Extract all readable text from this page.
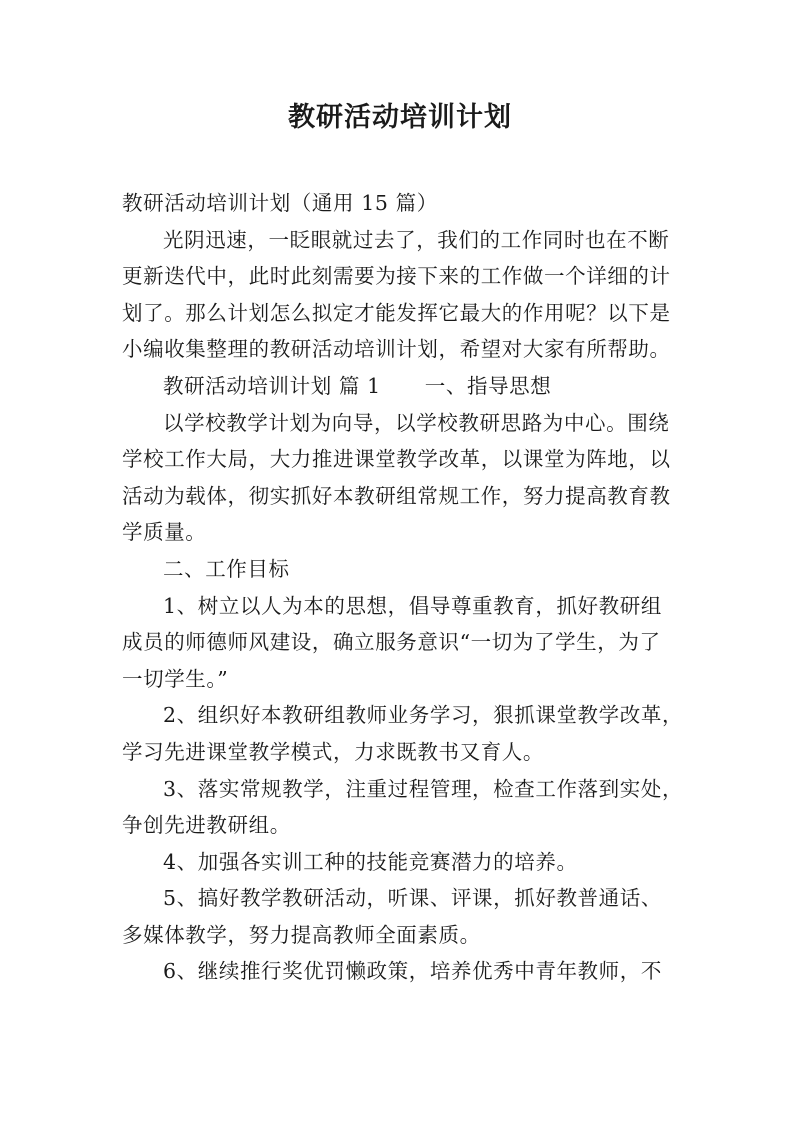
教研活动培训计划
教研活动培训计划（通用 15 篇）
光阴迅速，一眨眼就过去了，我们的工作同时也在不断
更新迭代中，此时此刻需要为接下来的工作做一个详细的计
划了。那么计划怎么拟定才能发挥它最大的作用呢？以下是
小编收集整理的教研活动培训计划，希望对大家有所帮助。
教研活动培训计划 篇 1 一、指导思想
以学校教学计划为向导，以学校教研思路为中心。围绕
学校工作大局，大力推进课堂教学改革，以课堂为阵地，以
活动为载体，彻实抓好本教研组常规工作，努力提高教育教
学质量。
二、工作目标
1、树立以人为本的思想，倡导尊重教育，抓好教研组
成员的师德师风建设，确立服务意识“一切为了学生，为了
一切学生。”
2、组织好本教研组教师业务学习，狠抓课堂教学改革，
学习先进课堂教学模式，力求既教书又育人。
3、落实常规教学，注重过程管理，检查工作落到实处，
争创先进教研组。
4、加强各实训工种的技能竞赛潜力的培养。
5、搞好教学教研活动，听课、评课，抓好教普通话、
多媒体教学，努力提高教师全面素质。
6、继续推行奖优罚懒政策，培养优秀中青年教师，不
